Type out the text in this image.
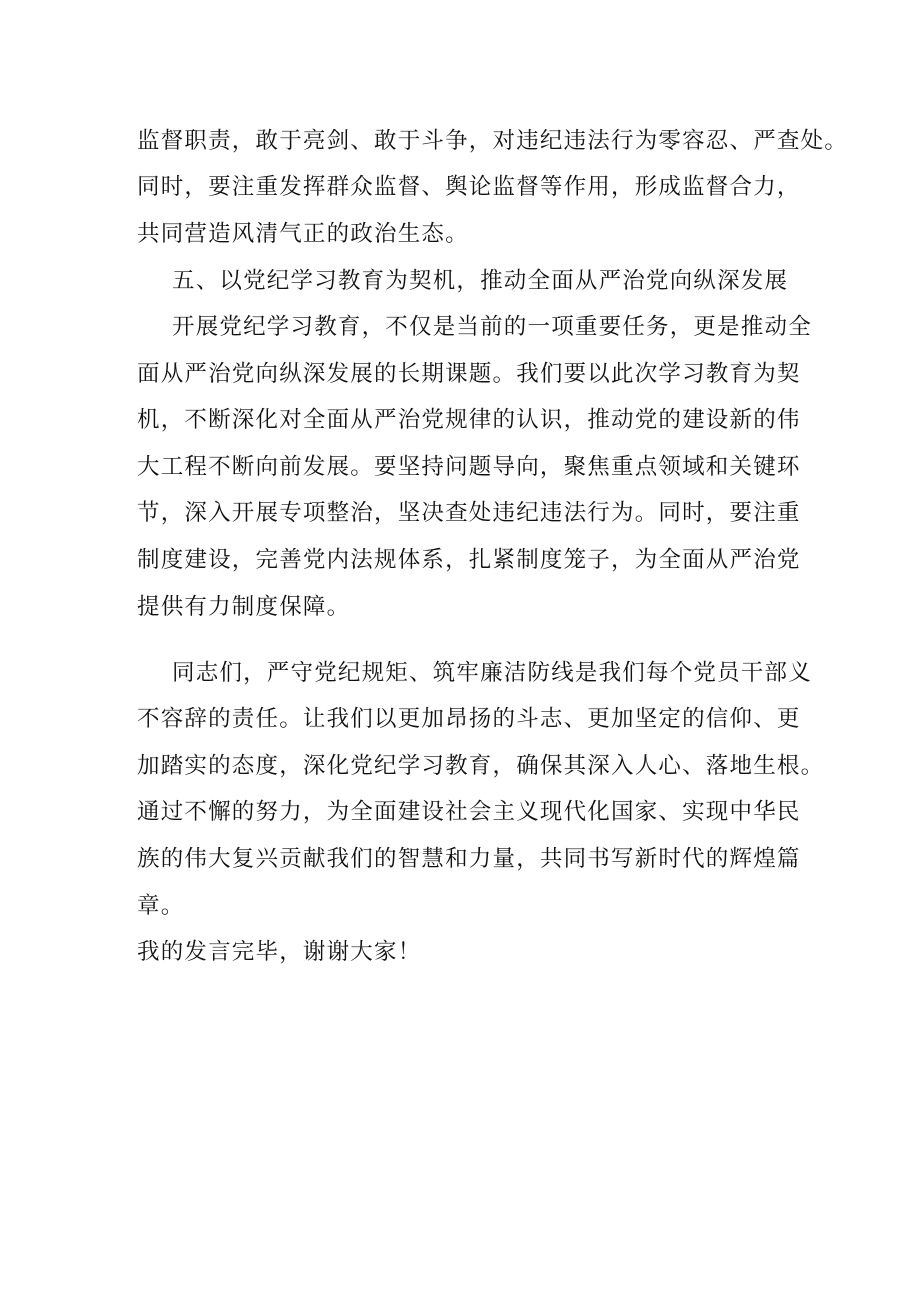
监督职责，敢于亮剑、敢于斗争，对违纪违法行为零容忍、严查处。
同时，要注重发挥群众监督、舆论监督等作用，形成监督合力，
共同营造风清气正的政治生态。
五、以党纪学习教育为契机，推动全面从严治党向纵深发展
开展党纪学习教育，不仅是当前的一项重要任务，更是推动全
面从严治党向纵深发展的长期课题。我们要以此次学习教育为契
机，不断深化对全面从严治党规律的认识，推动党的建设新的伟
大工程不断向前发展。要坚持问题导向，聚焦重点领域和关键环
节，深入开展专项整治，坚决查处违纪违法行为。同时，要注重
制度建设，完善党内法规体系，扎紧制度笼子，为全面从严治党
提供有力制度保障。
同志们，严守党纪规矩、筑牢廉洁防线是我们每个党员干部义
不容辞的责任。让我们以更加昂扬的斗志、更加坚定的信仰、更
加踏实的态度，深化党纪学习教育，确保其深入人心、落地生根。
通过不懈的努力，为全面建设社会主义现代化国家、实现中华民
族的伟大复兴贡献我们的智慧和力量，共同书写新时代的辉煌篇
章。
我的发言完毕，谢谢大家！
